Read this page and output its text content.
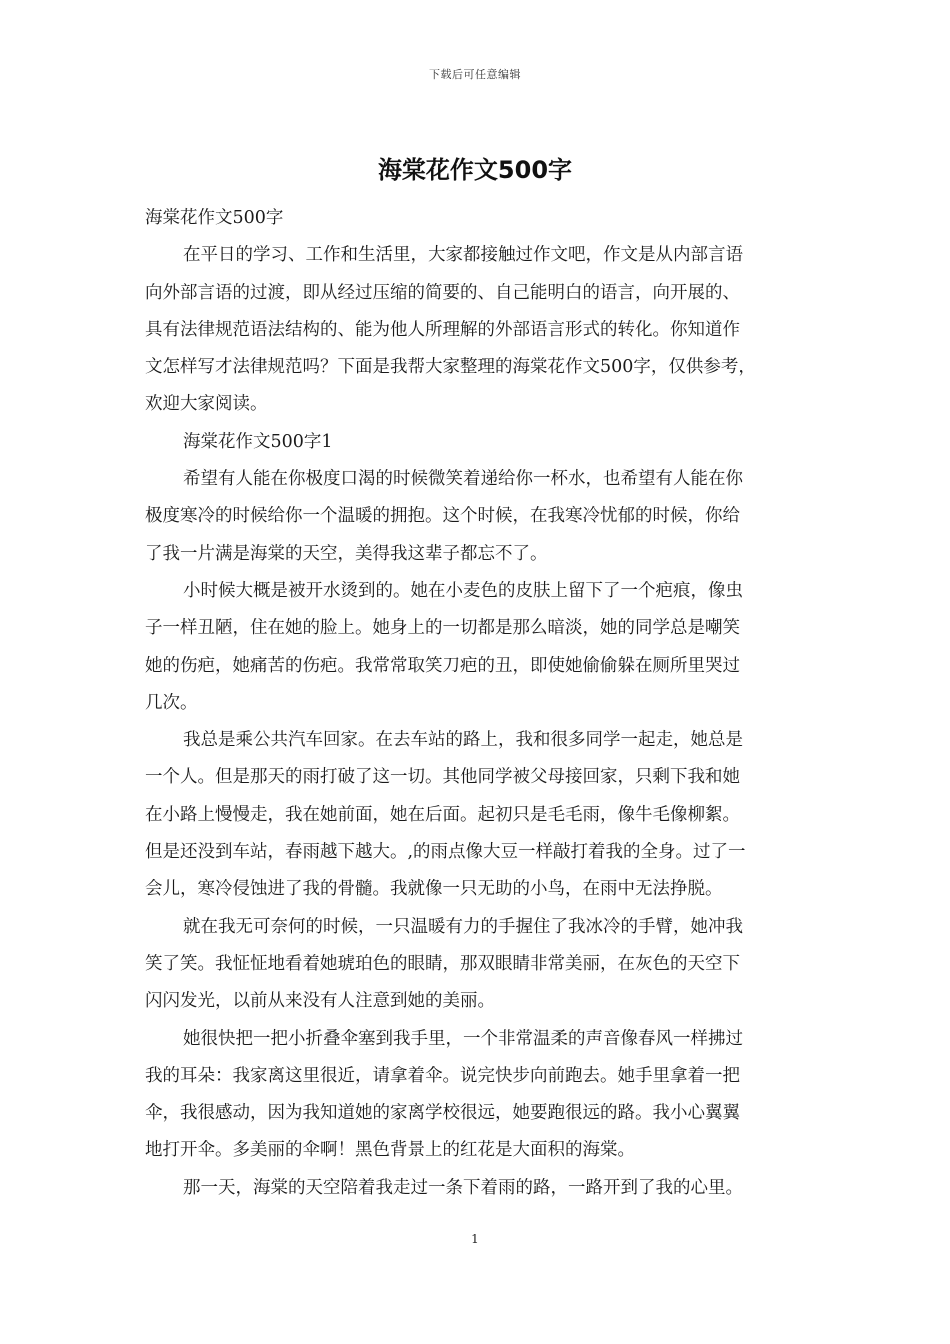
下载后可任意编辑
海棠花作文500字
海棠花作文500字
在平日的学习、工作和生活里，大家都接触过作文吧，作文是从内部言语
向外部言语的过渡，即从经过压缩的简要的、自己能明白的语言，向开展的、
具有法律规范语法结构的、能为他人所理解的外部语言形式的转化。你知道作
文怎样写才法律规范吗？下面是我帮大家整理的海棠花作文500字，仅供参考，
欢迎大家阅读。
海棠花作文500字1
希望有人能在你极度口渴的时候微笑着递给你一杯水，也希望有人能在你
极度寒冷的时候给你一个温暖的拥抱。这个时候，在我寒冷忧郁的时候，你给
了我一片满是海棠的天空，美得我这辈子都忘不了。
小时候大概是被开水烫到的。她在小麦色的皮肤上留下了一个疤痕，像虫
子一样丑陋，住在她的脸上。她身上的一切都是那么暗淡，她的同学总是嘲笑
她的伤疤，她痛苦的伤疤。我常常取笑刀疤的丑，即使她偷偷躲在厕所里哭过
几次。
我总是乘公共汽车回家。在去车站的路上，我和很多同学一起走，她总是
一个人。但是那天的雨打破了这一切。其他同学被父母接回家，只剩下我和她
在小路上慢慢走，我在她前面，她在后面。起初只是毛毛雨，像牛毛像柳絮。
但是还没到车站，春雨越下越大。,的雨点像大豆一样敲打着我的全身。过了一
会儿，寒冷侵蚀进了我的骨髓。我就像一只无助的小鸟，在雨中无法挣脱。
就在我无可奈何的时候，一只温暖有力的手握住了我冰冷的手臂，她冲我
笑了笑。我怔怔地看着她琥珀色的眼睛，那双眼睛非常美丽，在灰色的天空下
闪闪发光，以前从来没有人注意到她的美丽。
她很快把一把小折叠伞塞到我手里，一个非常温柔的声音像春风一样拂过
我的耳朵：我家离这里很近，请拿着伞。说完快步向前跑去。她手里拿着一把
伞，我很感动，因为我知道她的家离学校很远，她要跑很远的路。我小心翼翼
地打开伞。多美丽的伞啊！黑色背景上的红花是大面积的海棠。
那一天，海棠的天空陪着我走过一条下着雨的路，一路开到了我的心里。
1
